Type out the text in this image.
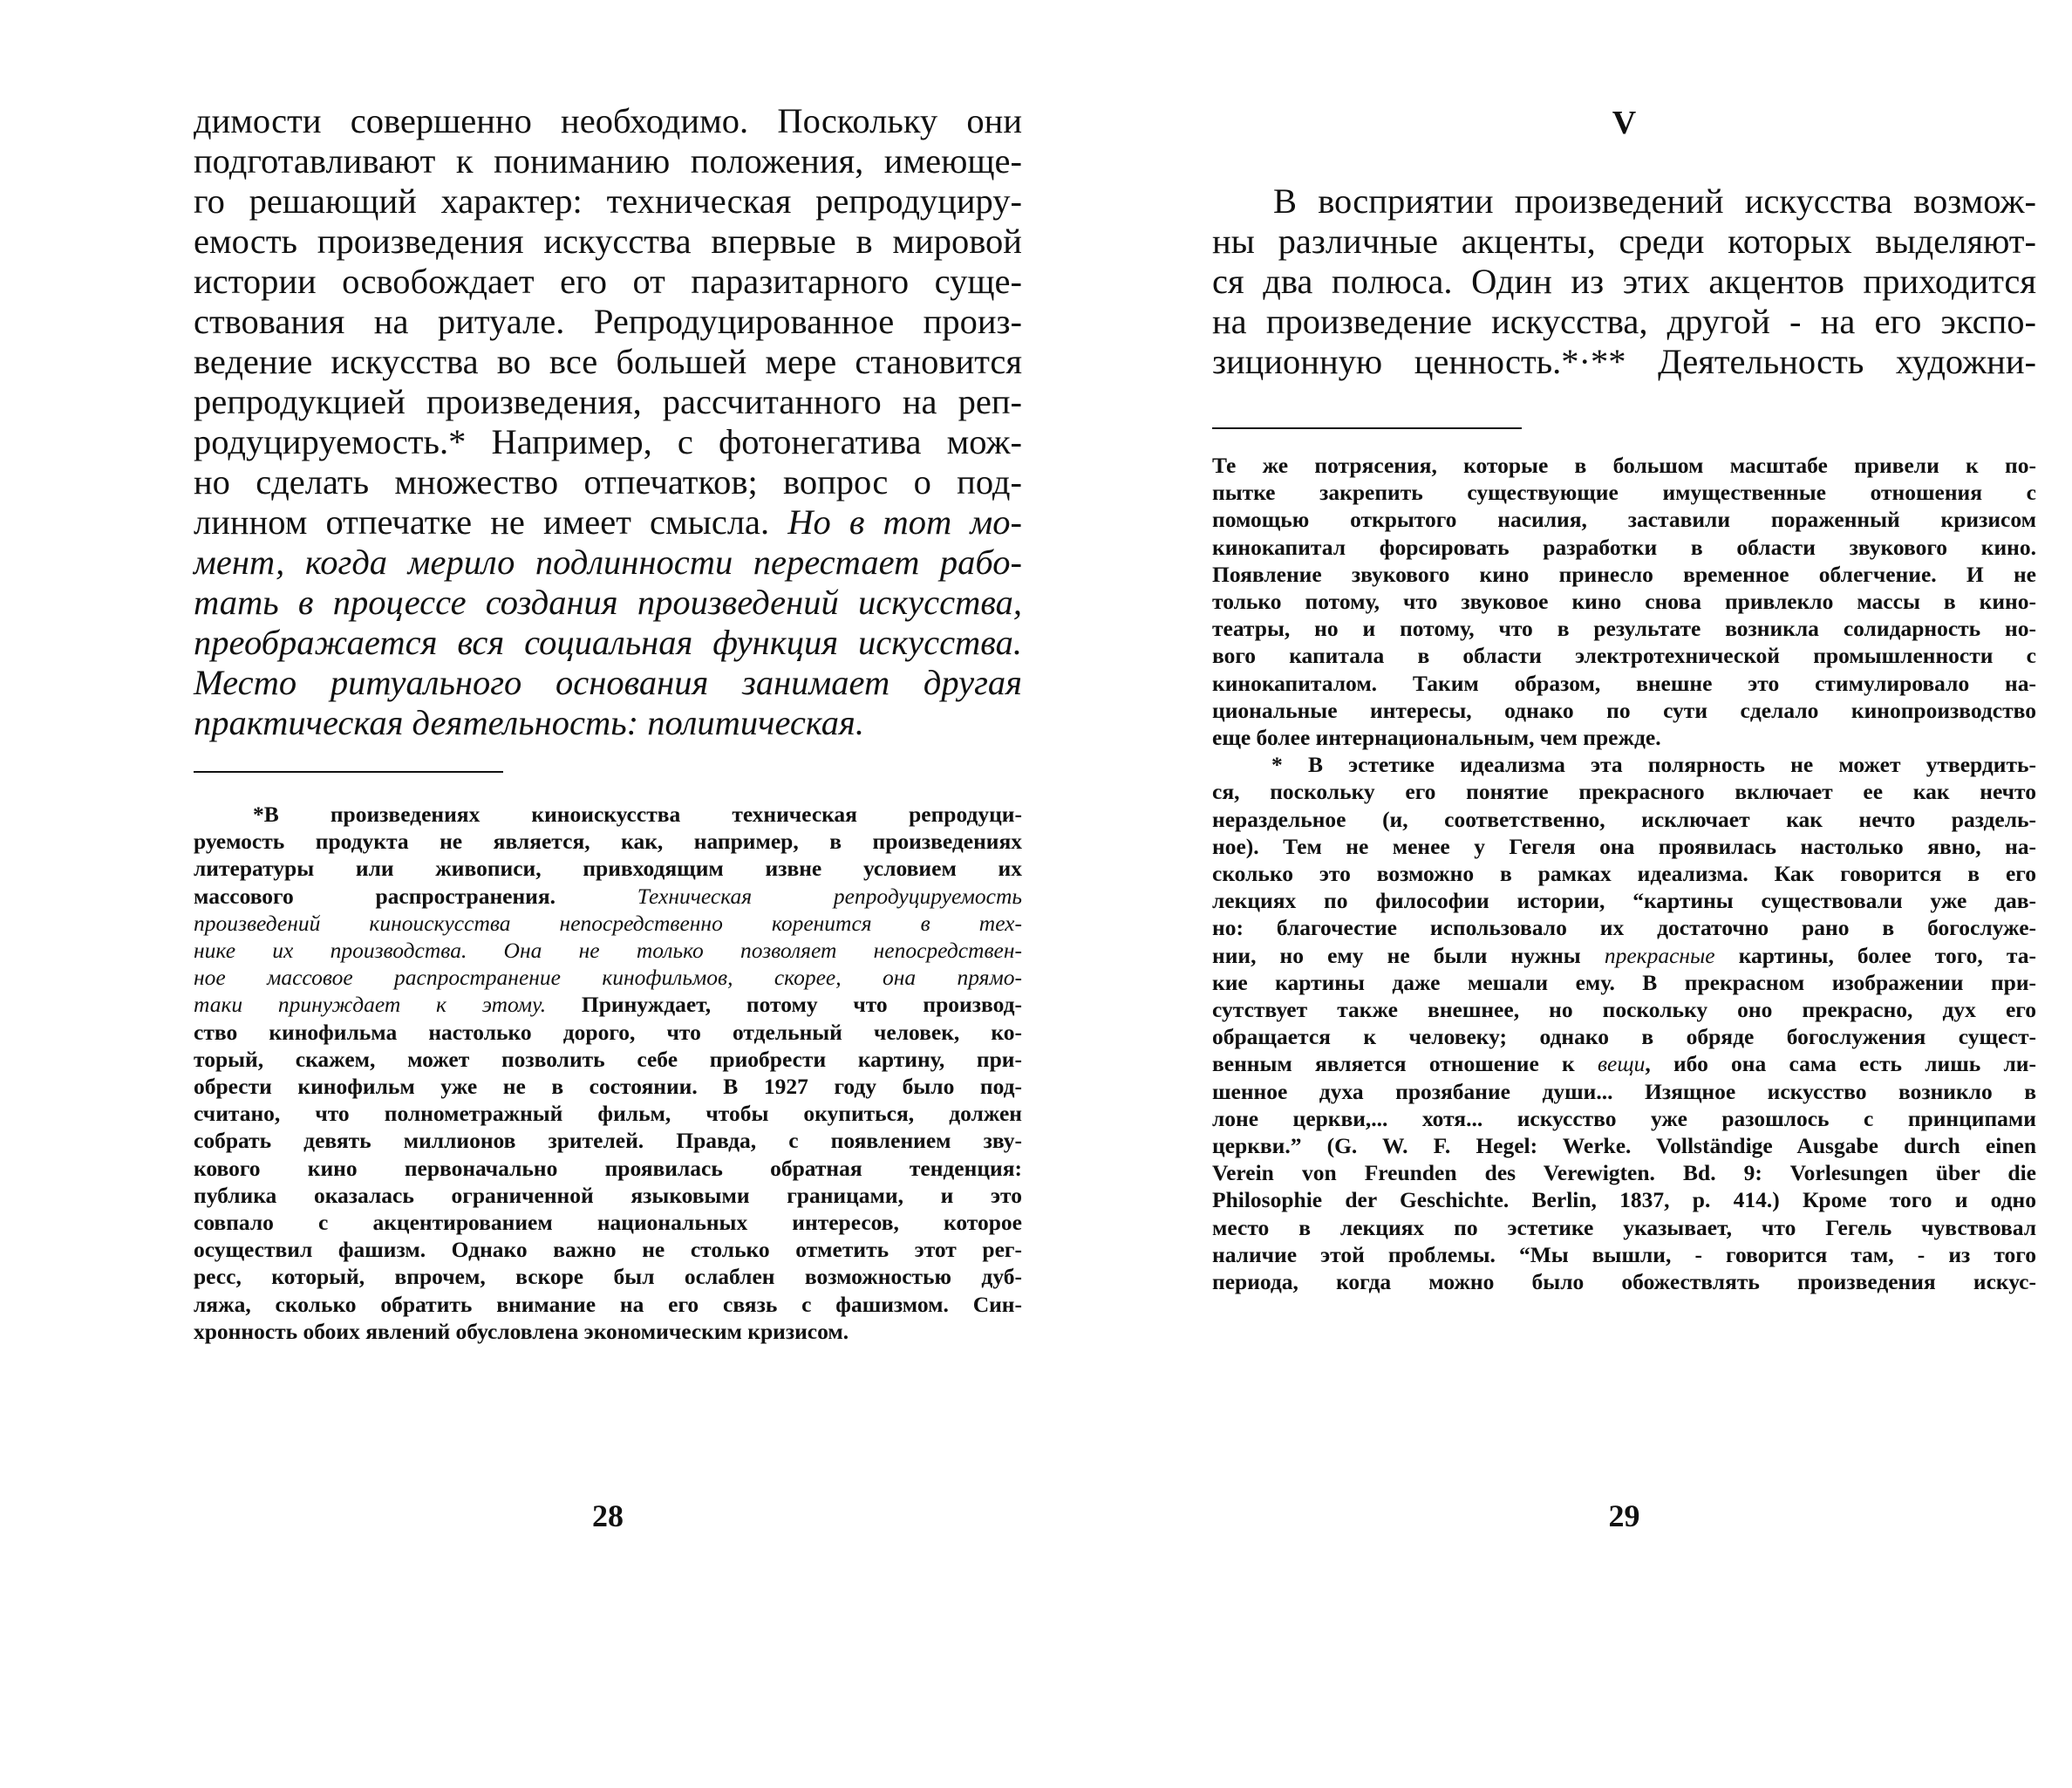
димости совершенно необходимо. Поскольку они
подготавливают к пониманию положения, имеюще-
го решающий характер: техническая репродуциру-
емость произведения искусства впервые в мировой
истории освобождает его от паразитарного суще-
ствования на ритуале. Репродуцированное произ-
ведение искусства во все большей мере становится
репродукцией произведения, рассчитанного на реп-
родуцируемость.* Например, с фотонегатива мож-
но сделать множество отпечатков; вопрос о под-
линном отпечатке не имеет смысла. Но в тот мо-
мент, когда мерило подлинности перестает рабо-
тать в процессе создания произведений искусства,
преображается вся социальная функция искусства.
Место ритуального основания занимает другая
практическая деятельность: политическая.
*В произведениях киноискусства техническая репродуци-
руемость продукта не является, как, например, в произведениях
литературы или живописи, привходящим извне условием их
массового распространения. Техническая репродуцируемость
произведений киноискусства непосредственно коренится в тех-
нике их производства. Она не только позволяет непосредствен-
ное массовое распространение кинофильмов, скорее, она прямо-
таки принуждает к этому. Принуждает, потому что производ-
ство кинофильма настолько дорого, что отдельный человек, ко-
торый, скажем, может позволить себе приобрести картину, при-
обрести кинофильм уже не в состоянии. В 1927 году было под-
считано, что полнометражный фильм, чтобы окупиться, должен
собрать девять миллионов зрителей. Правда, с появлением зву-
кового кино первоначально проявилась обратная тенденция:
публика оказалась ограниченной языковыми границами, и это
совпало с акцентированием национальных интересов, которое
осуществил фашизм. Однако важно не столько отметить этот рег-
ресс, который, впрочем, вскоре был ослаблен возможностью дуб-
ляжа, сколько обратить внимание на его связь с фашизмом. Син-
хронность обоих явлений обусловлена экономическим кризисом.
28
V
В восприятии произведений искусства возмож-
ны различные акценты, среди которых выделяют-
ся два полюса. Один из этих акцентов приходится
на произведение искусства, другой - на его экспо-
зиционную ценность.*·** Деятельность художни-
Те же потрясения, которые в большом масштабе привели к по-
пытке закрепить существующие имущественные отношения с
помощью открытого насилия, заставили пораженный кризисом
кинокапитал форсировать разработки в области звукового кино.
Появление звукового кино принесло временное облегчение. И не
только потому, что звуковое кино снова привлекло массы в кино-
театры, но и потому, что в результате возникла солидарность но-
вого капитала в области электротехнической промышленности с
кинокапиталом. Таким образом, внешне это стимулировало на-
циональные интересы, однако по сути сделало кинопроизводство
еще более интернациональным, чем прежде.
* В эстетике идеализма эта полярность не может утвердить-
ся, поскольку его понятие прекрасного включает ее как нечто
нераздельное (и, соответственно, исключает как нечто раздель-
ное). Тем не менее у Гегеля она проявилась настолько явно, на-
сколько это возможно в рамках идеализма. Как говорится в его
лекциях по философии истории, “картины существовали уже дав-
но: благочестие использовало их достаточно рано в богослуже-
нии, но ему не были нужны прекрасные картины, более того, та-
кие картины даже мешали ему. В прекрасном изображении при-
сутствует также внешнее, но поскольку оно прекрасно, дух его
обращается к человеку; однако в обряде богослужения сущест-
венным является отношение к вещи, ибо она сама есть лишь ли-
шенное духа прозябание души... Изящное искусство возникло в
лоне церкви,... хотя... искусство уже разошлось с принципами
церкви.” (G. W. F. Hegel: Werke. Vollständige Ausgabe durch einen
Verein von Freunden des Verewigten. Bd. 9: Vorlesungen über die
Philosophie der Geschichte. Berlin, 1837, p. 414.) Кроме того и одно
место в лекциях по эстетике указывает, что Гегель чувствовал
наличие этой проблемы. “Мы вышли, - говорится там, - из того
периода, когда можно было обожествлять произведения искус-
29
